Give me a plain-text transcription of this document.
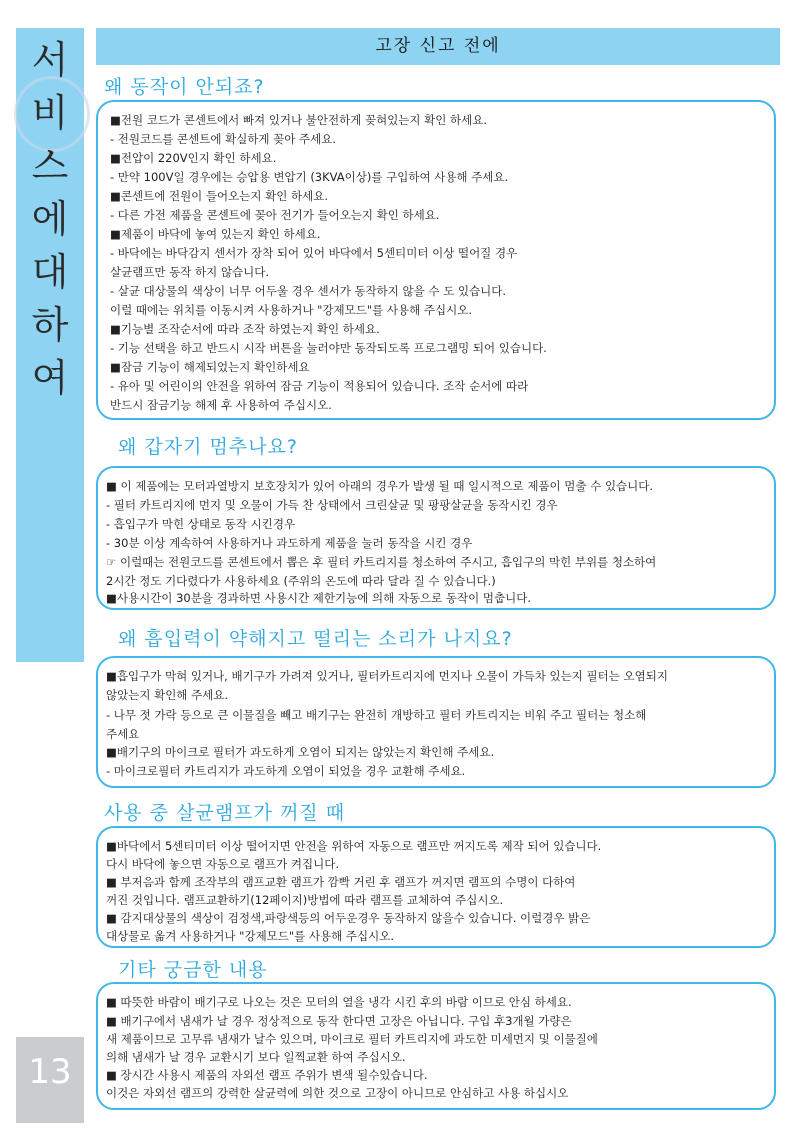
서
비
스
에
대
하
여
13
고장 신고 전에
왜 동작이 안되죠?
■전원 코드가 콘센트에서 빠져 있거나 불안전하게 꽂혀있는지 확인 하세요.
- 전원코드를 콘센트에 확실하게 꽂아 주세요.
■전압이 220V인지 확인 하세요.
- 만약 100V일 경우에는 승압용 변압기 (3KVA이상)를 구입하여 사용해 주세요.
■콘센트에 전원이 들어오는지 확인 하세요.
- 다른 가전 제품을 콘센트에 꽂아 전기가 들어오는지 확인 하세요.
■제품이 바닥에 놓여 있는지 확인 하세요.
- 바닥에는 바닥감지 센서가 장착 되어 있어 바닥에서 5센티미터 이상 떨어질 경우
살균램프만 동작 하지 않습니다.
- 살균 대상물의 색상이 너무 어두울 경우 센서가 동작하지 않을 수 도 있습니다.
이럴 때에는 위치를 이동시켜 사용하거나 "강제모드"를 사용해 주십시오.
■기능별 조작순서에 따라 조작 하였는지 확인 하세요.
- 기능 선택을 하고 반드시 시작 버튼을 눌러야만 동작되도록 프로그램밍 되어 있습니다.
■잠금 기능이 해제되었는지 확인하세요
- 유아 및 어린이의 안전을 위하여 잠금 기능이 적용되어 있습니다. 조작 순서에 따라
반드시 잠금기능 해제 후 사용하여 주십시오.
왜 갑자기 멈추나요?
■ 이 제품에는 모터과열방지 보호장치가 있어 아래의 경우가 발생 될 때 일시적으로 제품이 멈출 수 있습니다.
- 필터 카트리지에 먼지 및 오물이 가득 찬 상태에서 크린살균 및 팡팡살균을 동작시킨 경우
- 흡입구가 막힌 상태로 동작 시킨경우
- 30분 이상 계속하여 사용하거나 과도하게 제품을 눌러 동작을 시킨 경우
☞ 이럴때는 전원코드를 콘센트에서 뽑은 후 필터 카트리지를 청소하여 주시고, 흡입구의 막힌 부위를 청소하여
2시간 정도 기다렸다가 사용하세요 (주위의 온도에 따라 달라 질 수 있습니다.)
■사용시간이 30분을 경과하면 사용시간 제한기능에 의해 자동으로 동작이 멈춥니다.
왜 흡입력이 약해지고 떨리는 소리가 나지요?
■흡입구가 막혀 있거나, 배기구가 가려져 있거나, 필터카트리지에 먼지나 오물이 가득차 있는지 필터는 오염되지
않았는지 확인해 주세요.
- 나무 젓 가락 등으로 큰 이물질을 빼고 배기구는 완전히 개방하고 필터 카트리지는 비워 주고 필터는 청소해
주세요
■배기구의 마이크로 필터가 과도하게 오염이 되지는 않았는지 확인해 주세요.
- 마이크로필터 카트리지가 과도하게 오염이 되었을 경우 교환해 주세요.
사용 중 살균램프가 꺼질 때
■바닥에서 5센티미터 이상 떨어지면 안전을 위하여 자동으로 램프만 꺼지도록 제작 되어 있습니다.
다시 바닥에 놓으면 자동으로 램프가 켜집니다.
■ 부저음과 함께 조작부의 램프교환 램프가 깜빡 거린 후 램프가 꺼지면 램프의 수명이 다하여
꺼진 것입니다. 램프교환하기(12페이지)방법에 따라 램프를 교체하여 주십시오.
■ 감지대상물의 색상이 검정색,파랑색등의 어두운경우 동작하지 않을수 있습니다. 이럴경우 밝은
대상물로 옮겨 사용하거나 "강제모드"를 사용해 주십시오.
기타 궁금한 내용
■ 따뜻한 바람이 배기구로 나오는 것은 모터의 열을 냉각 시킨 후의 바람 이므로 안심 하세요.
■ 배기구에서 냄새가 날 경우 정상적으로 동작 한다면 고장은 아닙니다. 구입 후3개월 가량은
새 제품이므로 고무류 냄새가 날수 있으며, 마이크로 필터 카트리지에 과도한 미세먼지 및 이물질에
의해 냄새가 날 경우 교환시기 보다 일찍교환 하여 주십시오.
■ 장시간 사용시 제품의 자외선 램프 주위가 변색 될수있습니다.
이것은 자외선 램프의 강력한 살균력에 의한 것으로 고장이 아니므로 안심하고 사용 하십시오
